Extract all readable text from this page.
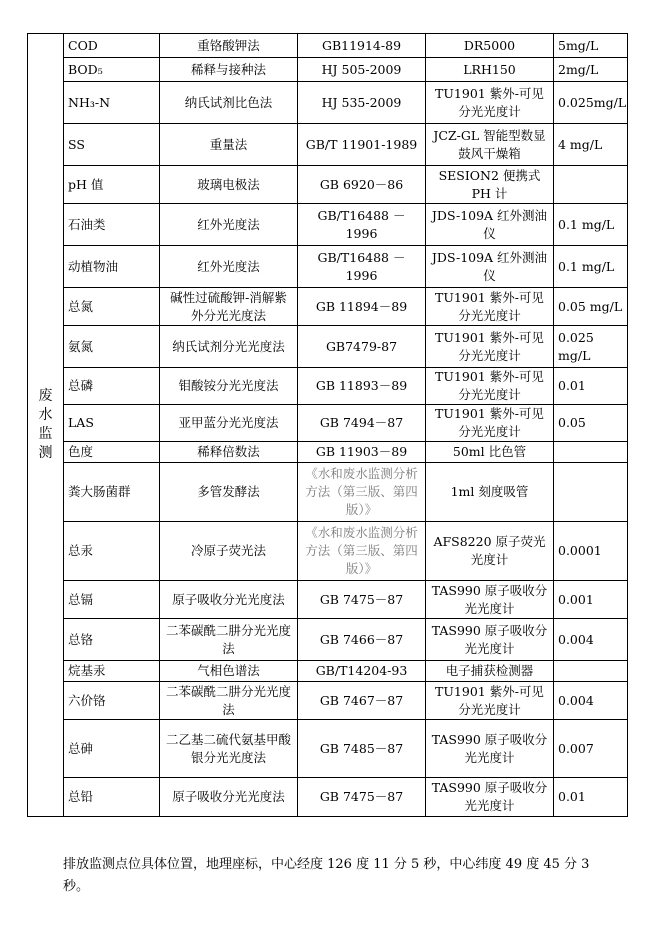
废水监测	COD	重铬酸钾法	GB11914-89	DR5000	5mg/L
	BOD₅	稀释与接种法	HJ 505-2009	LRH150	2mg/L
	NH₃-N	纳氏试剂比色法	HJ 535-2009	TU1901 紫外-可见分光光度计	0.025mg/L
	SS	重量法	GB/T 11901-1989	JCZ-GL 智能型数显鼓风干燥箱	4 mg/L
	pH 值	玻璃电极法	GB 6920－86	SESION2 便携式PH 计	
	石油类	红外光度法	GB/T16488 －1996	JDS-109A 红外测油仪	0.1 mg/L
	动植物油	红外光度法	GB/T16488 －1996	JDS-109A 红外测油仪	0.1 mg/L
	总氮	碱性过硫酸钾-消解紫外分光光度法	GB 11894－89	TU1901 紫外-可见分光光度计	0.05 mg/L
	氨氮	纳氏试剂分光光度法	GB7479-87	TU1901 紫外-可见分光光度计	0.025 mg/L
	总磷	钼酸铵分光光度法	GB 11893－89	TU1901 紫外-可见分光光度计	0.01
	LAS	亚甲蓝分光光度法	GB 7494－87	TU1901 紫外-可见分光光度计	0.05
	色度	稀释倍数法	GB 11903－89	50ml 比色管	
	粪大肠菌群	多管发酵法	《水和废水监测分析方法（第三版、第四版）》	1ml 刻度吸管	
	总汞	冷原子荧光法	《水和废水监测分析方法（第三版、第四版）》	AFS8220 原子荧光光度计	0.0001
	总镉	原子吸收分光光度法	GB 7475－87	TAS990 原子吸收分光光度计	0.001
	总铬	二苯碳酰二肼分光光度法	GB 7466－87	TAS990 原子吸收分光光度计	0.004
	烷基汞	气相色谱法	GB/T14204-93	电子捕获检测器	
	六价铬	二苯碳酰二肼分光光度法	GB 7467－87	TU1901 紫外-可见分光光度计	0.004
	总砷	二乙基二硫代氨基甲酸银分光光度法	GB 7485－87	TAS990 原子吸收分光光度计	0.007
	总铅	原子吸收分光光度法	GB 7475－87	TAS990 原子吸收分光光度计	0.01
排放监测点位具体位置，地理座标，中心经度 126 度 11 分 5 秒，中心纬度 49 度 45 分 3 秒。
